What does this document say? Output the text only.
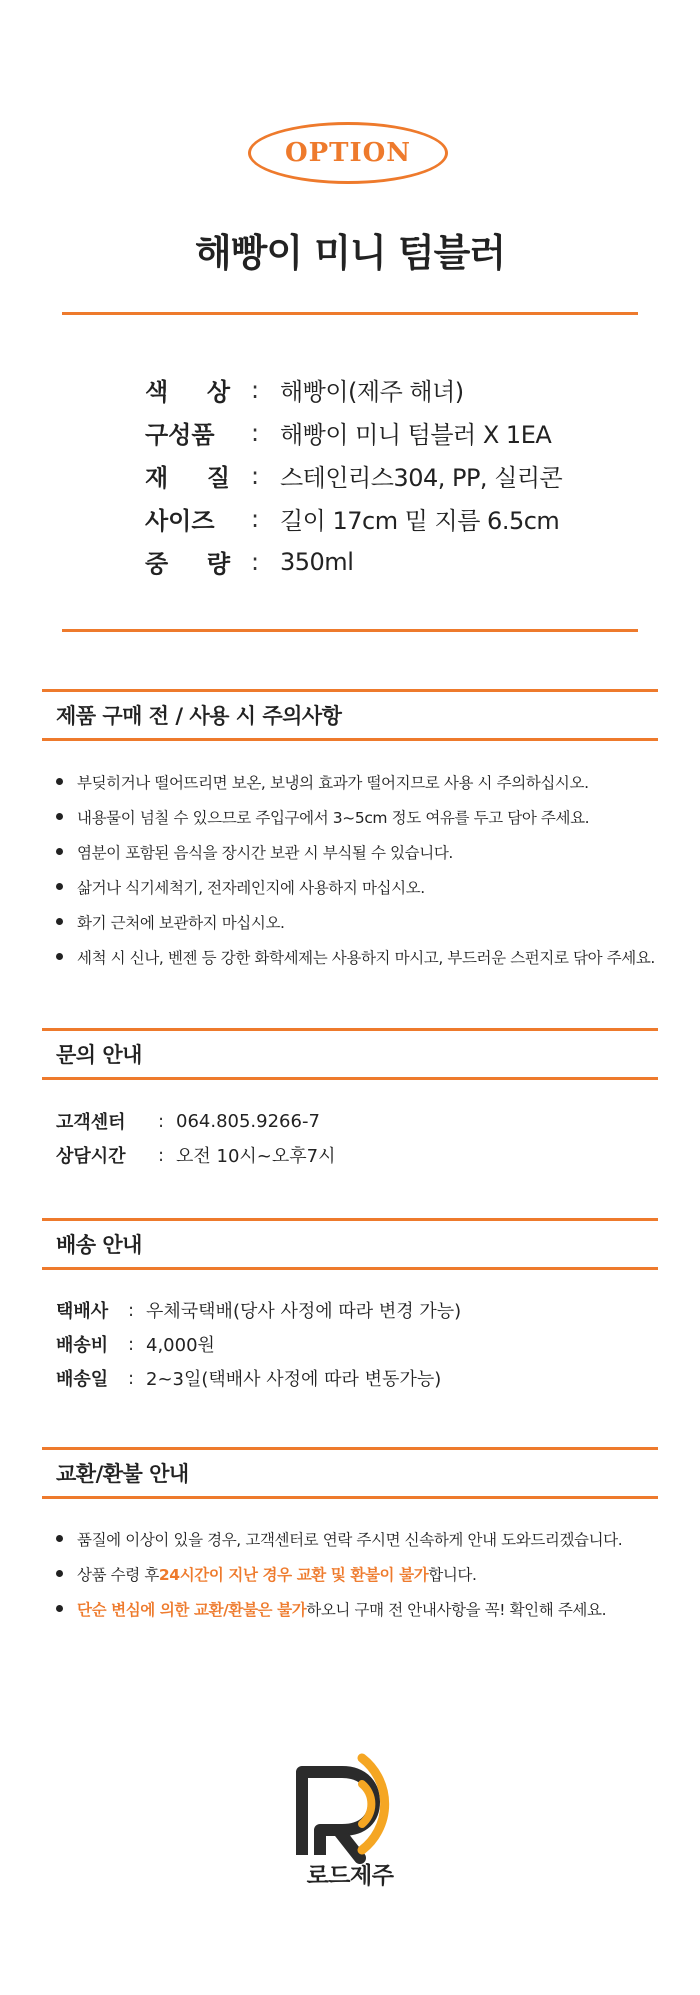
OPTION
해빵이 미니 텀블러
색 상 : 해빵이(제주 해녀)
구성품	: 해빵이 미니 텀블러 X 1EA
재 질 : 스테인리스304, PP, 실리콘
사이즈	: 길이 17cm 밑 지름 6.5cm
중 량 : 350ml
제품 구매 전 / 사용 시 주의사항
부딪히거나 떨어뜨리면 보온, 보냉의 효과가 떨어지므로 사용 시 주의하십시오.
내용물이 넘칠 수 있으므로 주입구에서 3~5cm 정도 여유를 두고 담아 주세요.
염분이 포함된 음식을 장시간 보관 시 부식될 수 있습니다.
삶거나 식기세척기, 전자레인지에 사용하지 마십시오.
화기 근처에 보관하지 마십시오.
세척 시 신나, 벤젠 등 강한 화학세제는 사용하지 마시고, 부드러운 스펀지로 닦아 주세요.
문의 안내
고객센터	: 064.805.9266-7
상담시간	: 오전 10시~오후7시
배송 안내
택배사	: 우체국택배(당사 사정에 따라 변경 가능)
배송비	: 4,000원
배송일	: 2~3일(택배사 사정에 따라 변동가능)
교환/환불 안내
품질에 이상이 있을 경우, 고객센터로 연락 주시면 신속하게 안내 도와드리겠습니다.
상품 수령 후 24시간이 지난 경우 교환 및 환불이 불가 합니다.
단순 변심에 의한 교환/환불은 불가 하오니 구매 전 안내사항을 꼭! 확인해 주세요.
로드제주
